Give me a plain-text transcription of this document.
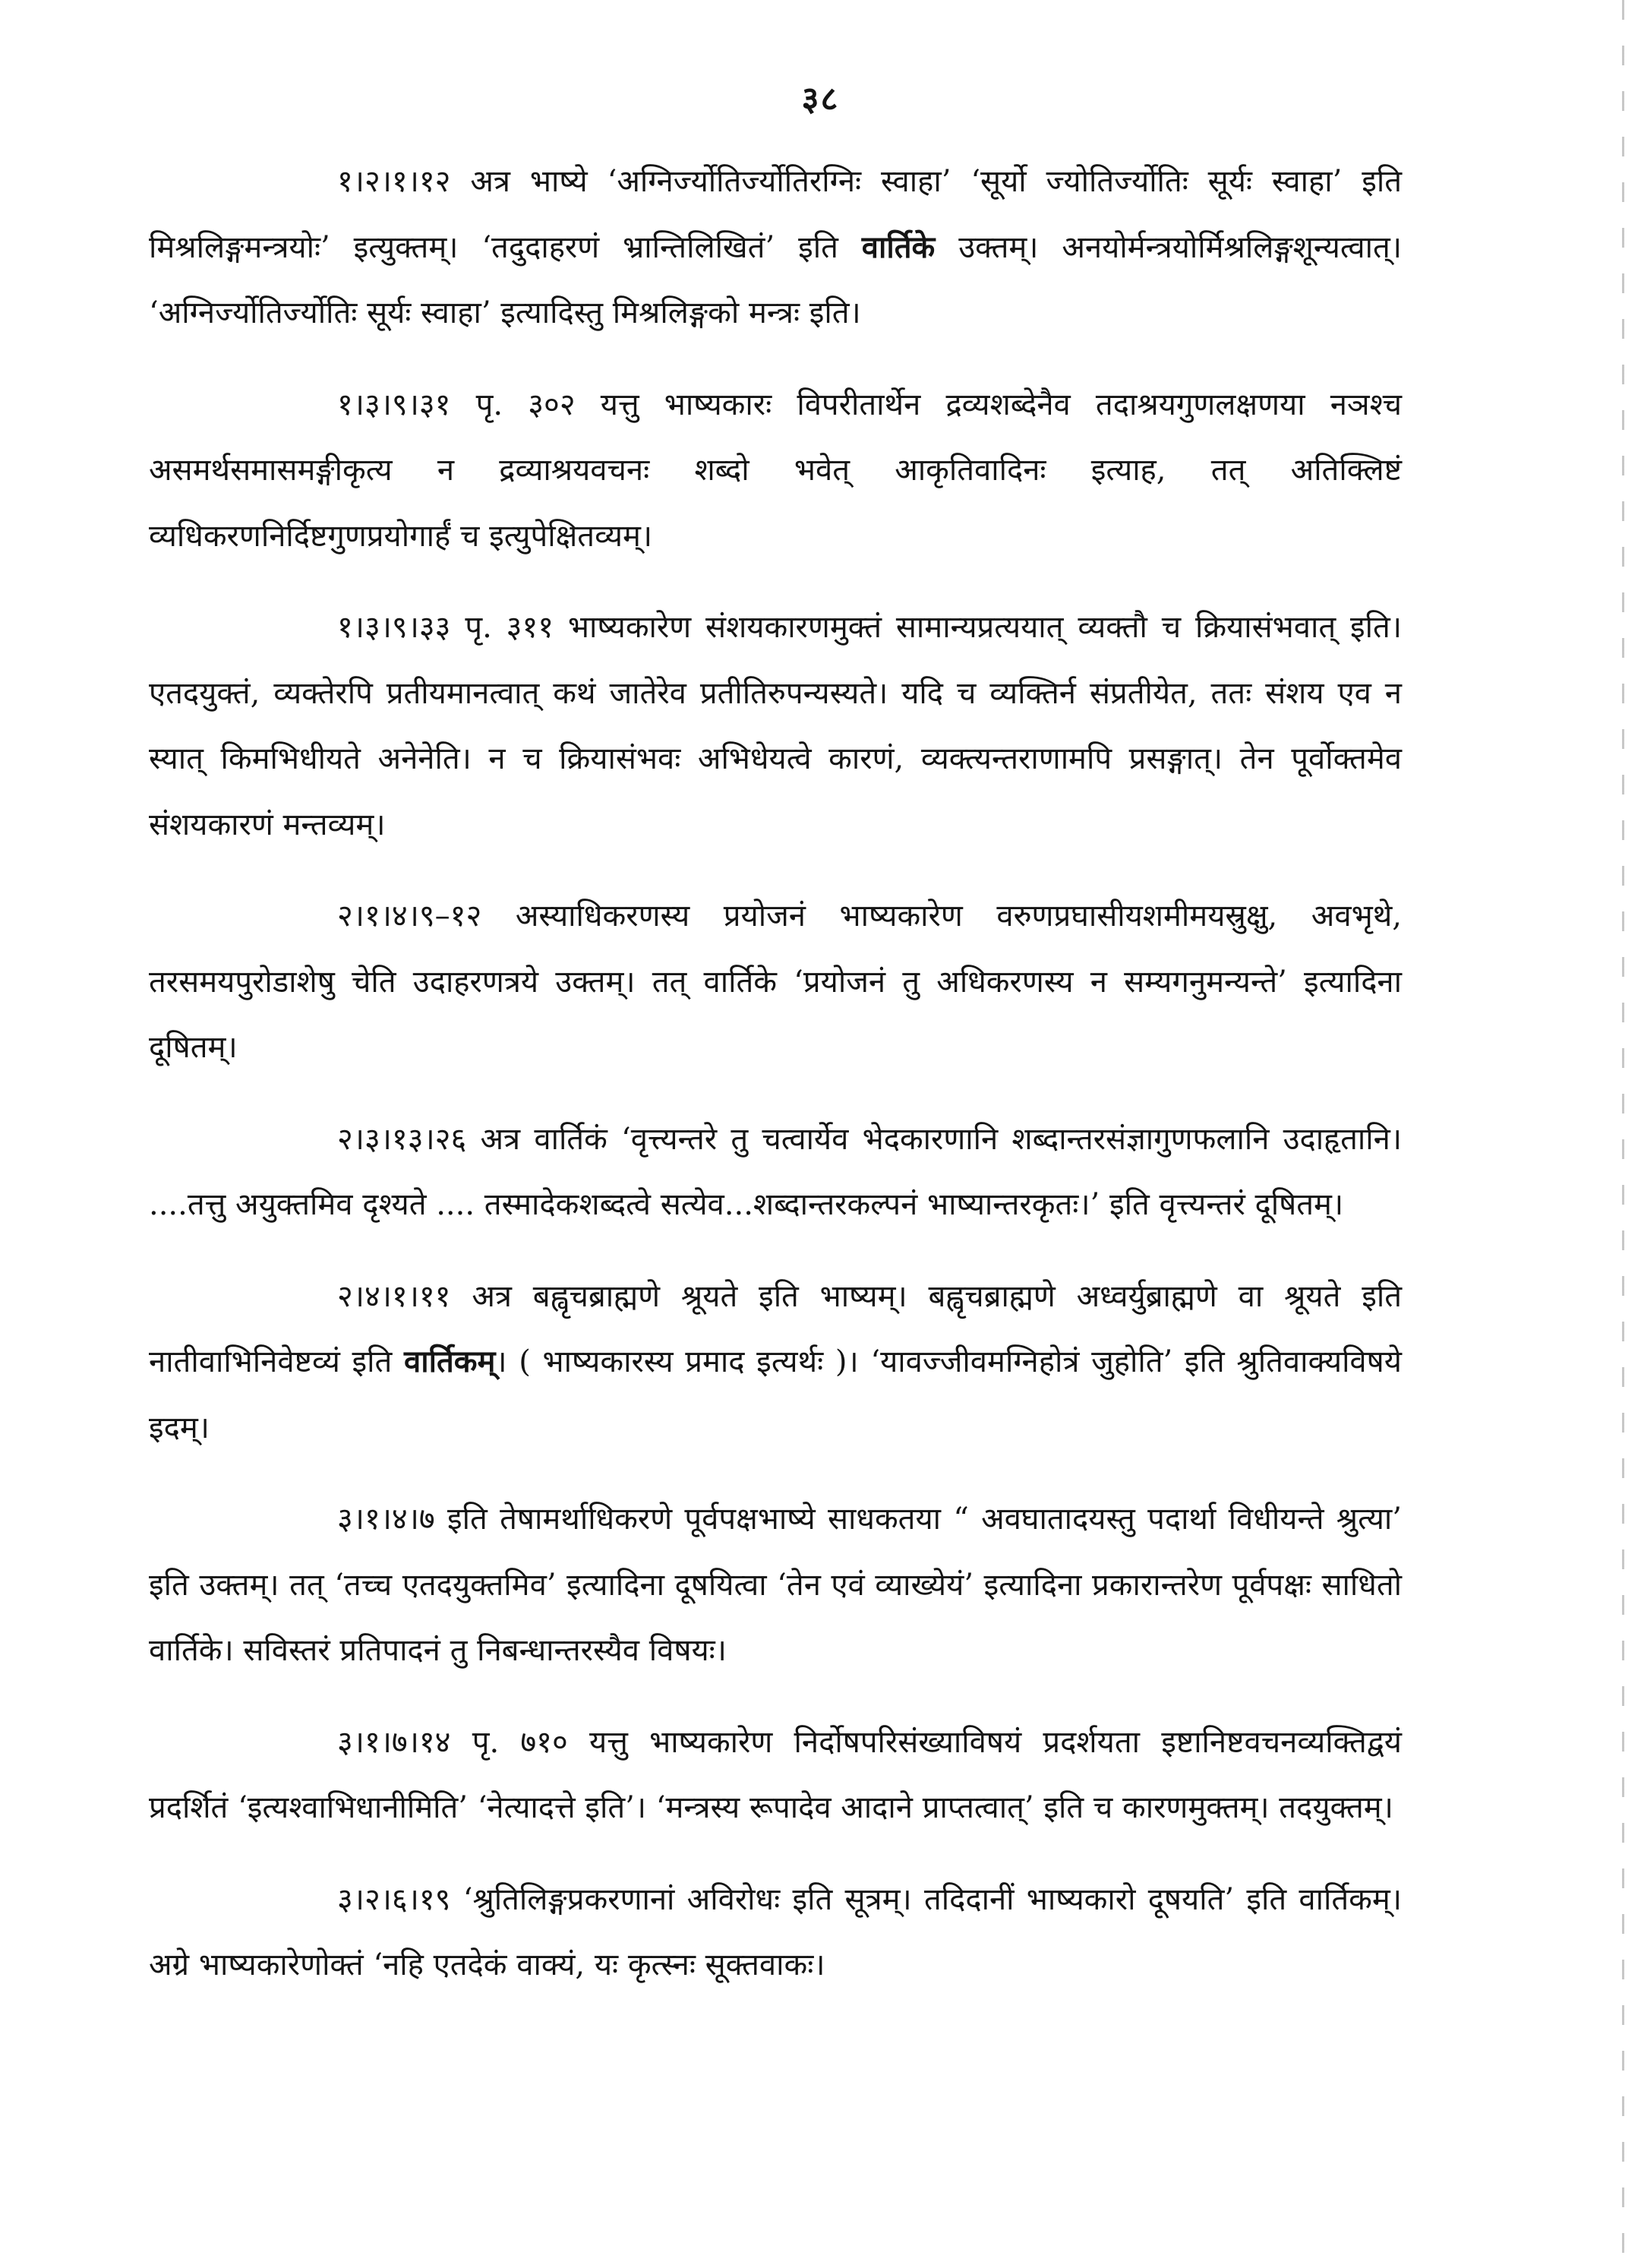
३८

१।२।१।१२ अत्र भाष्ये ‘अग्निर्ज्योतिर्ज्योतिरग्निः स्वाहा’ ‘सूर्यो ज्योतिर्ज्योतिः सूर्यः स्वाहा’ इति मिश्रलिङ्गमन्त्रयोः’ इत्युक्तम्। ‘तदुदाहरणं भ्रान्तिलिखितं’ इति वार्तिके उक्तम्। अनयोर्मन्त्रयोर्मिश्रलिङ्गशून्यत्वात्। ‘अग्निर्ज्योतिर्ज्योतिः सूर्यः स्वाहा’ इत्यादिस्तु मिश्रलिङ्गको मन्त्रः इति।

१।३।९।३१ पृ. ३०२ यत्तु भाष्यकारः विपरीतार्थेन द्रव्यशब्देनैव तदाश्रयगुणलक्षणया नञश्च असमर्थसमासमङ्गीकृत्य न द्रव्याश्रयवचनः शब्दो भवेत् आकृतिवादिनः इत्याह, तत् अतिक्लिष्टं व्यधिकरणनिर्दिष्टगुणप्रयोगार्हं च इत्युपेक्षितव्यम्।

१।३।९।३३ पृ. ३११ भाष्यकारेण संशयकारणमुक्तं सामान्यप्रत्ययात् व्यक्तौ च क्रियासंभवात् इति। एतदयुक्तं, व्यक्तेरपि प्रतीयमानत्वात् कथं जातेरेव प्रतीतिरुपन्यस्यते। यदि च व्यक्तिर्न संप्रतीयेत, ततः संशय एव न स्यात् किमभिधीयते अनेनेति। न च क्रियासंभवः अभिधेयत्वे कारणं, व्यक्त्यन्तराणामपि प्रसङ्गात्। तेन पूर्वोक्तमेव संशयकारणं मन्तव्यम्।

२।१।४।९–१२ अस्याधिकरणस्य प्रयोजनं भाष्यकारेण वरुणप्रघासीयशमीमयस्रुक्षु, अवभृथे, तरसमयपुरोडाशेषु चेति उदाहरणत्रये उक्तम्। तत् वार्तिके ‘प्रयोजनं तु अधिकरणस्य न सम्यगनुमन्यन्ते’ इत्यादिना दूषितम्।

२।३।१३।२६ अत्र वार्तिकं ‘वृत्त्यन्तरे तु चत्वार्येव भेदकारणानि शब्दान्तरसंज्ञागुणफलानि उदाहृतानि। ....तत्तु अयुक्तमिव दृश्यते .... तस्मादेकशब्दत्वे सत्येव...शब्दान्तरकल्पनं भाष्यान्तरकृतः।’ इति वृत्त्यन्तरं दूषितम्।

२।४।१।११ अत्र बह्वृचब्राह्मणे श्रूयते इति भाष्यम्। बह्वृचब्राह्मणे अध्वर्युब्राह्मणे वा श्रूयते इति नातीवाभिनिवेष्टव्यं इति वार्तिकम्। ( भाष्यकारस्य प्रमाद इत्यर्थः )। ‘यावज्जीवमग्निहोत्रं जुहोति’ इति श्रुतिवाक्यविषये इदम्।

३।१।४।७ इति तेषामर्थाधिकरणे पूर्वपक्षभाष्ये साधकतया “ अवघातादयस्तु पदार्था विधीयन्ते श्रुत्या’ इति उक्तम्। तत् ‘तच्च एतदयुक्तमिव’ इत्यादिना दूषयित्वा ‘तेन एवं व्याख्येयं’ इत्यादिना प्रकारान्तरेण पूर्वपक्षः साधितो वार्तिके। सविस्तरं प्रतिपादनं तु निबन्धान्तरस्यैव विषयः।

३।१।७।१४ पृ. ७१० यत्तु भाष्यकारेण निर्दोषपरिसंख्याविषयं प्रदर्शयता इष्टानिष्टवचनव्यक्तिद्वयं प्रदर्शितं ‘इत्यश्वाभिधानीमिति’ ‘नेत्यादत्ते इति’। ‘मन्त्रस्य रूपादेव आदाने प्राप्तत्वात्’ इति च कारणमुक्तम्। तदयुक्तम्।

३।२।६।१९ ‘श्रुतिलिङ्गप्रकरणानां अविरोधः इति सूत्रम्। तदिदानीं भाष्यकारो दूषयति’ इति वार्तिकम्। अग्रे भाष्यकारेणोक्तं ‘नहि एतदेकं वाक्यं, यः कृत्स्नः सूक्तवाकः।
